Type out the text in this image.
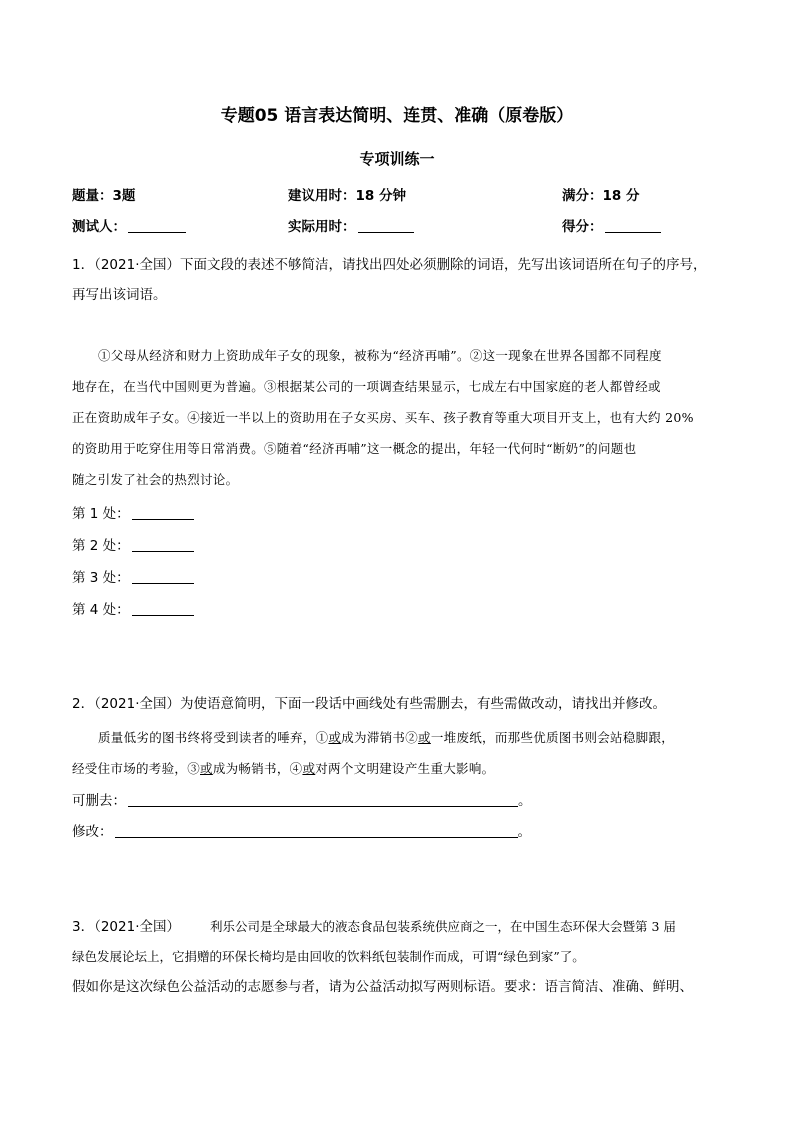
专题05 语言表达简明、连贯、准确（原卷版）
专项训练一
题量：3题	建议用时：18 分钟	满分：18 分
测试人：	实际用时：	得分：
1．（2021·全国）下面文段的表述不够简洁，请找出四处必须删除的词语，先写出该词语所在句子的序号，
再写出该词语。
①父母从经济和财力上资助成年子女的现象，被称为“经济再哺”。②这一现象在世界各国都不同程度
地存在，在当代中国则更为普遍。③根据某公司的一项调查结果显示，七成左右中国家庭的老人都曾经或
正在资助成年子女。④接近一半以上的资助用在子女买房、买车、孩子教育等重大项目开支上，也有大约 20%
的资助用于吃穿住用等日常消费。⑤随着“经济再哺”这一概念的提出，年轻一代何时“断奶”的问题也
随之引发了社会的热烈讨论。
第 1 处：
第 2 处：
第 3 处：
第 4 处：
2．（2021·全国）为使语意简明，下面一段话中画线处有些需删去，有些需做改动，请找出并修改。
质量低劣的图书终将受到读者的唾弃，①或成为滞销书②或一堆废纸，而那些优质图书则会站稳脚跟，
经受住市场的考验，③或成为畅销书，④或对两个文明建设产生重大影响。
可删去：	。
修改：	。
3．（2021·全国） 利乐公司是全球最大的液态食品包装系统供应商之一，在中国生态环保大会暨第 3 届
绿色发展论坛上，它捐赠的环保长椅均是由回收的饮料纸包装制作而成，可谓“绿色到家”了。
假如你是这次绿色公益活动的志愿参与者，请为公益活动拟写两则标语。要求：语言简洁、准确、鲜明、
